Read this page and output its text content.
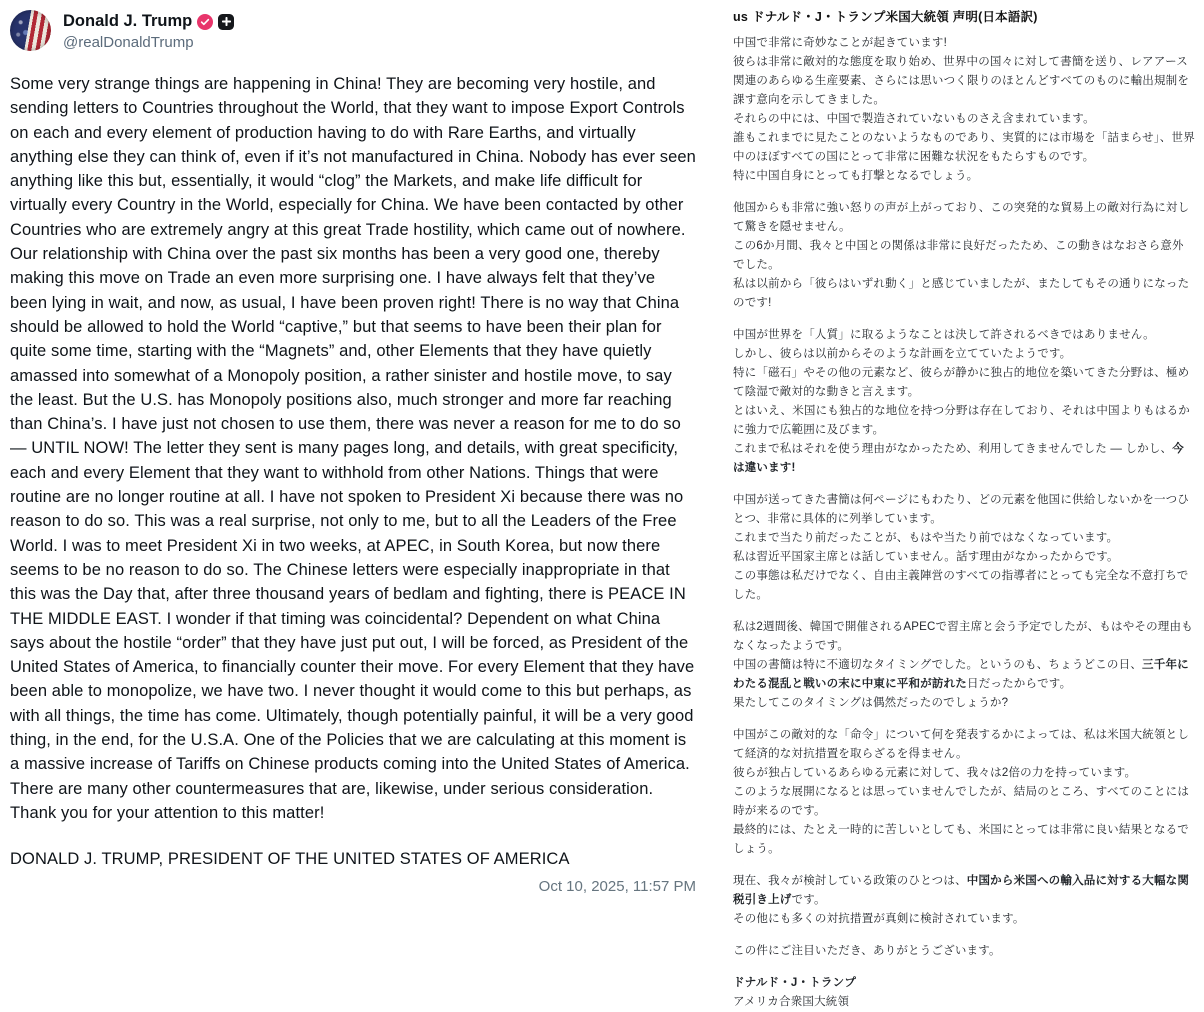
Donald J. Trump
@realDonaldTrump
Some very strange things are happening in China! They are becoming very hostile, and sending letters to Countries throughout the World, that they want to impose Export Controls on each and every element of production having to do with Rare Earths, and virtually anything else they can think of, even if it’s not manufactured in China. Nobody has ever seen anything like this but, essentially, it would “clog” the Markets, and make life difficult for virtually every Country in the World, especially for China. We have been contacted by other Countries who are extremely angry at this great Trade hostility, which came out of nowhere. Our relationship with China over the past six months has been a very good one, thereby making this move on Trade an even more surprising one. I have always felt that they’ve been lying in wait, and now, as usual, I have been proven right! There is no way that China should be allowed to hold the World “captive,” but that seems to have been their plan for quite some time, starting with the “Magnets” and, other Elements that they have quietly amassed into somewhat of a Monopoly position, a rather sinister and hostile move, to say the least. But the U.S. has Monopoly positions also, much stronger and more far reaching than China’s. I have just not chosen to use them, there was never a reason for me to do so — UNTIL NOW! The letter they sent is many pages long, and details, with great specificity, each and every Element that they want to withhold from other Nations. Things that were routine are no longer routine at all. I have not spoken to President Xi because there was no reason to do so. This was a real surprise, not only to me, but to all the Leaders of the Free World. I was to meet President Xi in two weeks, at APEC, in South Korea, but now there seems to be no reason to do so. The Chinese letters were especially inappropriate in that this was the Day that, after three thousand years of bedlam and fighting, there is PEACE IN THE MIDDLE EAST. I wonder if that timing was coincidental? Dependent on what China says about the hostile “order” that they have just put out, I will be forced, as President of the United States of America, to financially counter their move. For every Element that they have been able to monopolize, we have two. I never thought it would come to this but perhaps, as with all things, the time has come. Ultimately, though potentially painful, it will be a very good thing, in the end, for the U.S.A. One of the Policies that we are calculating at this moment is a massive increase of Tariffs on Chinese products coming into the United States of America. There are many other countermeasures that are, likewise, under serious consideration. Thank you for your attention to this matter!
DONALD J. TRUMP, PRESIDENT OF THE UNITED STATES OF AMERICA
Oct 10, 2025, 11:57 PM
us ドナルド・J・トランプ米国大統領 声明(日本語訳)
中国で非常に奇妙なことが起きています!
彼らは非常に敵対的な態度を取り始め、世界中の国々に対して書簡を送り、レアアース関連のあらゆる生産要素、さらには思いつく限りのほとんどすべてのものに輸出規制を課す意向を示してきました。
それらの中には、中国で製造されていないものさえ含まれています。
誰もこれまでに見たことのないようなものであり、実質的には市場を「詰まらせ」、世界中のほぼすべての国にとって非常に困難な状況をもたらすものです。
特に中国自身にとっても打撃となるでしょう。
他国からも非常に強い怒りの声が上がっており、この突発的な貿易上の敵対行為に対して驚きを隠せません。
この6か月間、我々と中国との関係は非常に良好だったため、この動きはなおさら意外でした。
私は以前から「彼らはいずれ動く」と感じていましたが、またしてもその通りになったのです!
中国が世界を「人質」に取るようなことは決して許されるべきではありません。
しかし、彼らは以前からそのような計画を立てていたようです。
特に「磁石」やその他の元素など、彼らが静かに独占的地位を築いてきた分野は、極めて陰湿で敵対的な動きと言えます。
とはいえ、米国にも独占的な地位を持つ分野は存在しており、それは中国よりもはるかに強力で広範囲に及びます。
これまで私はそれを使う理由がなかったため、利用してきませんでした ― しかし、今は違います!
中国が送ってきた書簡は何ページにもわたり、どの元素を他国に供給しないかを一つひとつ、非常に具体的に列挙しています。
これまで当たり前だったことが、もはや当たり前ではなくなっています。
私は習近平国家主席とは話していません。話す理由がなかったからです。
この事態は私だけでなく、自由主義陣営のすべての指導者にとっても完全な不意打ちでした。
私は2週間後、韓国で開催されるAPECで習主席と会う予定でしたが、もはやその理由もなくなったようです。
中国の書簡は特に不適切なタイミングでした。というのも、ちょうどこの日、三千年にわたる混乱と戦いの末に中東に平和が訪れた日だったからです。
果たしてこのタイミングは偶然だったのでしょうか?
中国がこの敵対的な「命令」について何を発表するかによっては、私は米国大統領として経済的な対抗措置を取らざるを得ません。
彼らが独占しているあらゆる元素に対して、我々は2倍の力を持っています。
このような展開になるとは思っていませんでしたが、結局のところ、すべてのことには時が来るのです。
最終的には、たとえ一時的に苦しいとしても、米国にとっては非常に良い結果となるでしょう。
現在、我々が検討している政策のひとつは、中国から米国への輸入品に対する大幅な関税引き上げです。
その他にも多くの対抗措置が真剣に検討されています。
この件にご注目いただき、ありがとうございます。
ドナルド・J・トランプ
アメリカ合衆国大統領
